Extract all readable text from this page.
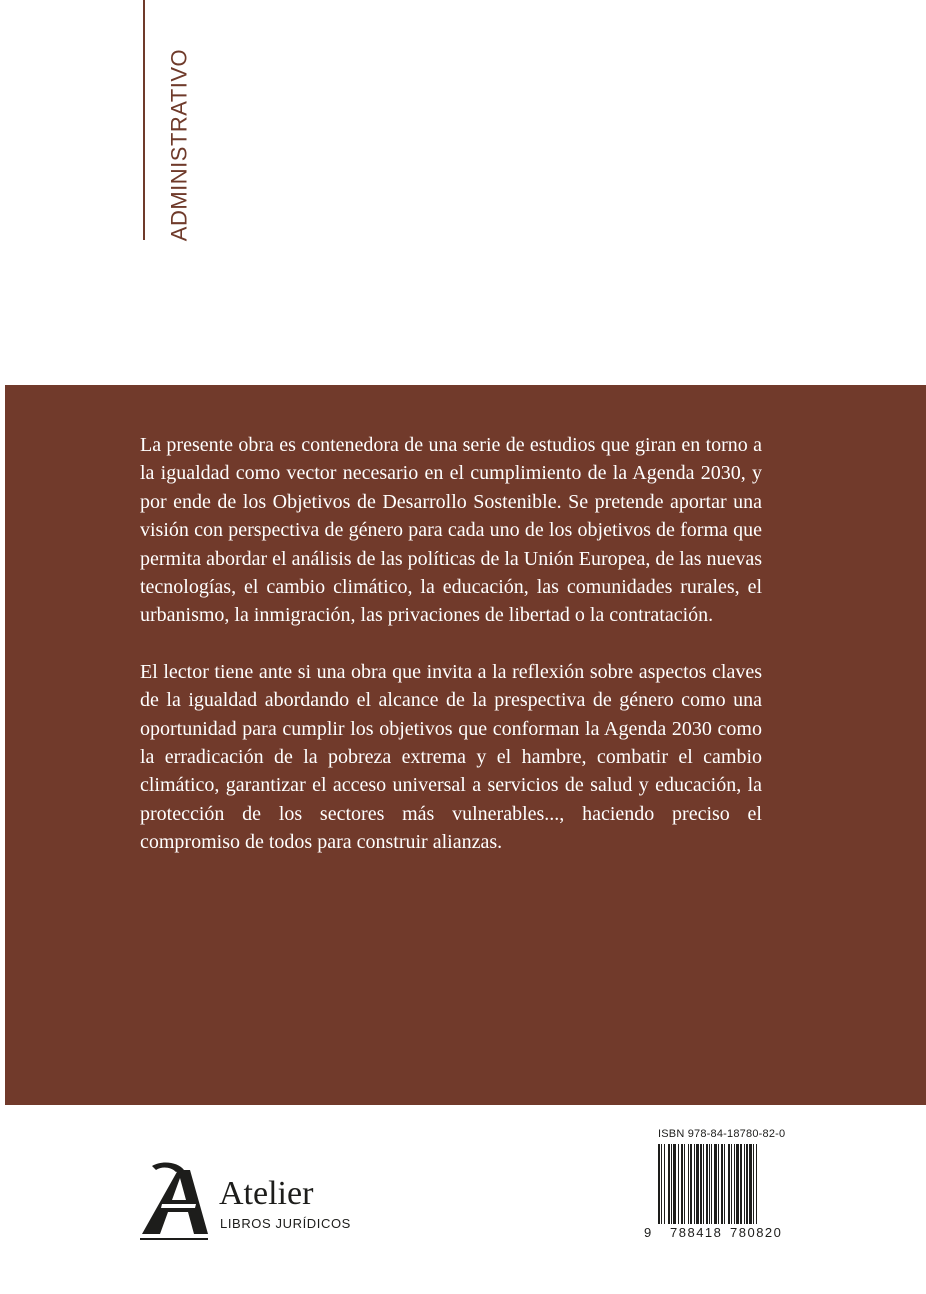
ADMINISTRATIVO

La presente obra es contenedora de una serie de estudios que giran en torno a la igualdad como vector necesario en el cumplimiento de la Agenda 2030, y por ende de los Objetivos de Desarrollo Sostenible. Se pretende aportar una visión con perspectiva de género para cada uno de los objetivos de forma que permita abordar el análisis de las políticas de la Unión Europea, de las nuevas tecnologías, el cambio climático, la educación, las comunidades rurales, el urbanismo, la inmigración, las privaciones de libertad o la contratación.

El lector tiene ante si una obra que invita a la reflexión sobre aspectos claves de la igualdad abordando el alcance de la prespectiva de género como una oportunidad para cumplir los objetivos que conforman la Agenda 2030 como la erradicación de la pobreza extrema y el hambre, combatir el cambio climático, garantizar el acceso universal a servicios de salud y educación, la protección de los sectores más vulnerables..., haciendo preciso el compromiso de todos para construir alianzas.

Atelier
LIBROS JURÍDICOS
ISBN 978-84-18780-82-0
9 788418 780820
